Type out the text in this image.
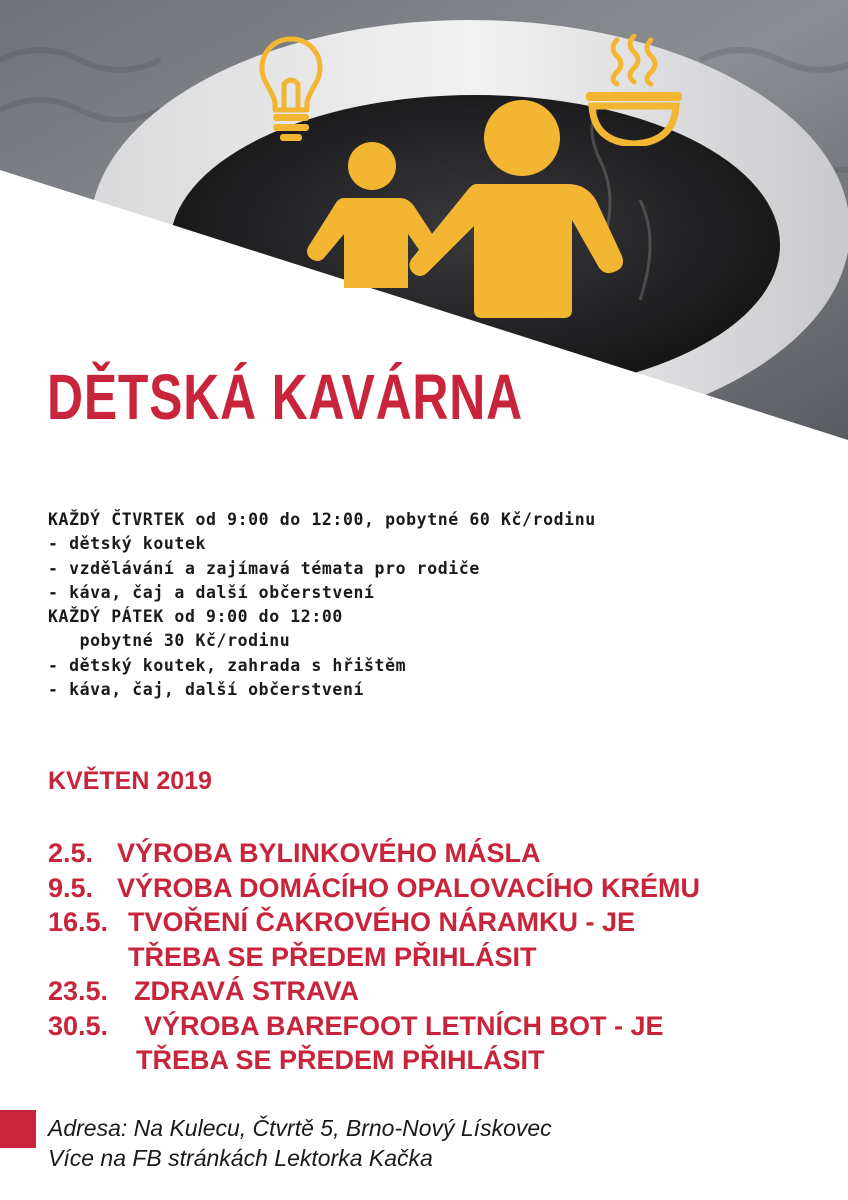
DĚTSKÁ KAVÁRNA
KAŽDÝ ČTVRTEK od 9:00 do 12:00, pobytné 60 Kč/rodinu
- dětský koutek
- vzdělávání a zajímavá témata pro rodiče
- káva, čaj a další občerstvení
KAŽDÝ PÁTEK od 9:00 do 12:00
pobytné 30 Kč/rodinu
- dětský koutek, zahrada s hřištěm
- káva, čaj, další občerstvení
KVĚTEN 2019
2.5. VÝROBA BYLINKOVÉHO MÁSLA
9.5. VÝROBA DOMÁCÍHO OPALOVACÍHO KRÉMU
16.5. TVOŘENÍ ČAKROVÉHO NÁRAMKU - JE
TŘEBA SE PŘEDEM PŘIHLÁSIT
23.5. ZDRAVÁ STRAVA
30.5.	VÝROBA BAREFOOT LETNÍCH BOT - JE
TŘEBA SE PŘEDEM PŘIHLÁSIT
Adresa: Na Kulecu, Čtvrtě 5, Brno-Nový Lískovec
Více na FB stránkách Lektorka Kačka
